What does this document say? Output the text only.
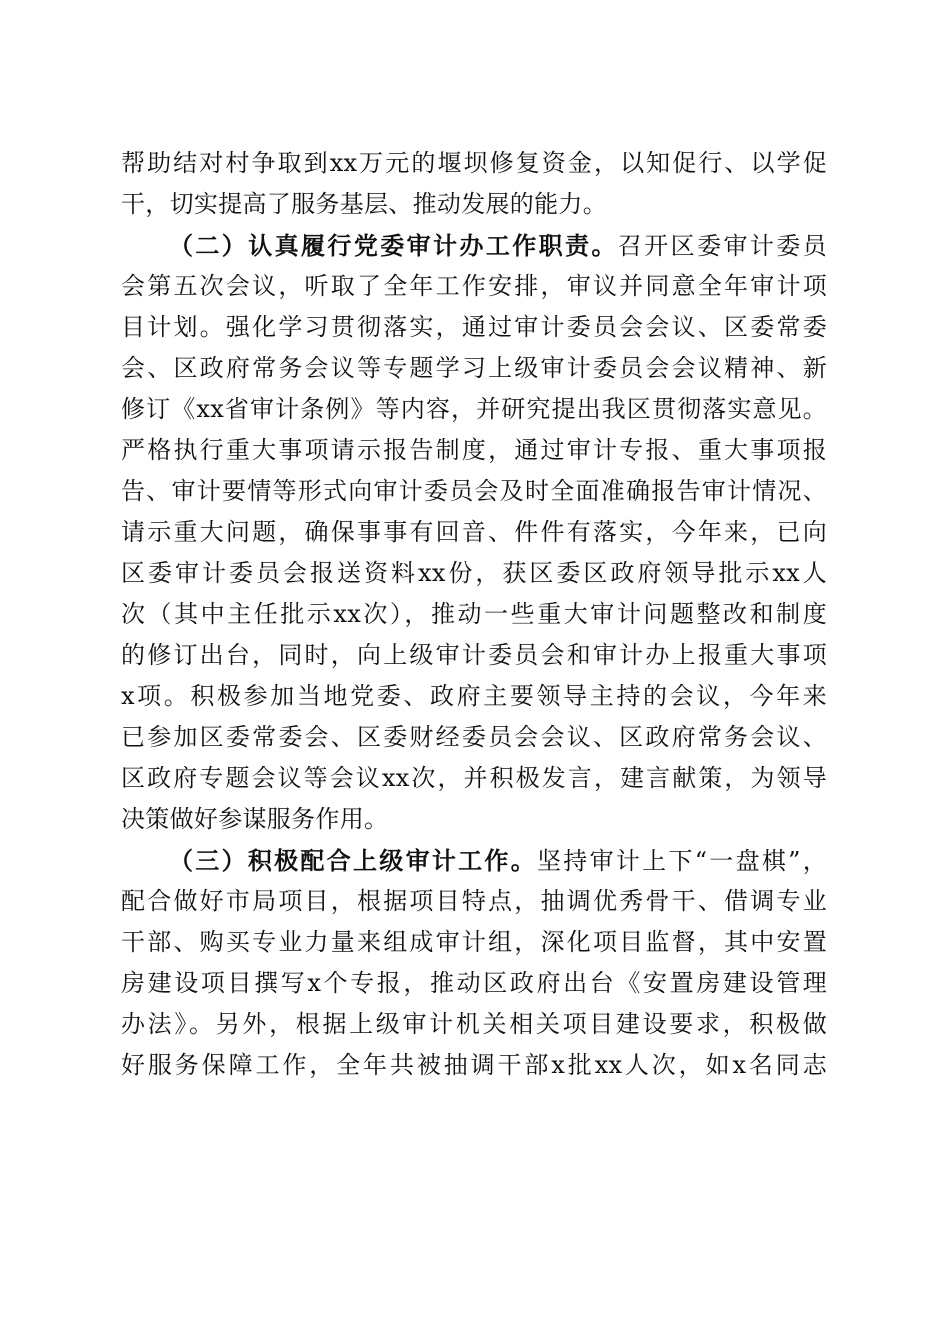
帮助结对村争取到xx万元的堰坝修复资金，以知促行、以学促
干，切实提高了服务基层、推动发展的能力。
（二）认真履行党委审计办工作职责。召开区委审计委员
会第五次会议，听取了全年工作安排，审议并同意全年审计项
目计划。强化学习贯彻落实，通过审计委员会会议、区委常委
会、区政府常务会议等专题学习上级审计委员会会议精神、新
修订《xx省审计条例》等内容，并研究提出我区贯彻落实意见。
严格执行重大事项请示报告制度，通过审计专报、重大事项报
告、审计要情等形式向审计委员会及时全面准确报告审计情况、
请示重大问题，确保事事有回音、件件有落实，今年来，已向
区委审计委员会报送资料xx份，获区委区政府领导批示xx人
次（其中主任批示xx次），推动一些重大审计问题整改和制度
的修订出台，同时，向上级审计委员会和审计办上报重大事项
x项。积极参加当地党委、政府主要领导主持的会议，今年来
已参加区委常委会、区委财经委员会会议、区政府常务会议、
区政府专题会议等会议xx次，并积极发言，建言献策，为领导
决策做好参谋服务作用。
（三）积极配合上级审计工作。坚持审计上下“一盘棋”，
配合做好市局项目，根据项目特点，抽调优秀骨干、借调专业
干部、购买专业力量来组成审计组，深化项目监督，其中安置
房建设项目撰写x个专报，推动区政府出台《安置房建设管理
办法》。另外，根据上级审计机关相关项目建设要求，积极做
好服务保障工作，全年共被抽调干部x批xx人次，如x名同志
